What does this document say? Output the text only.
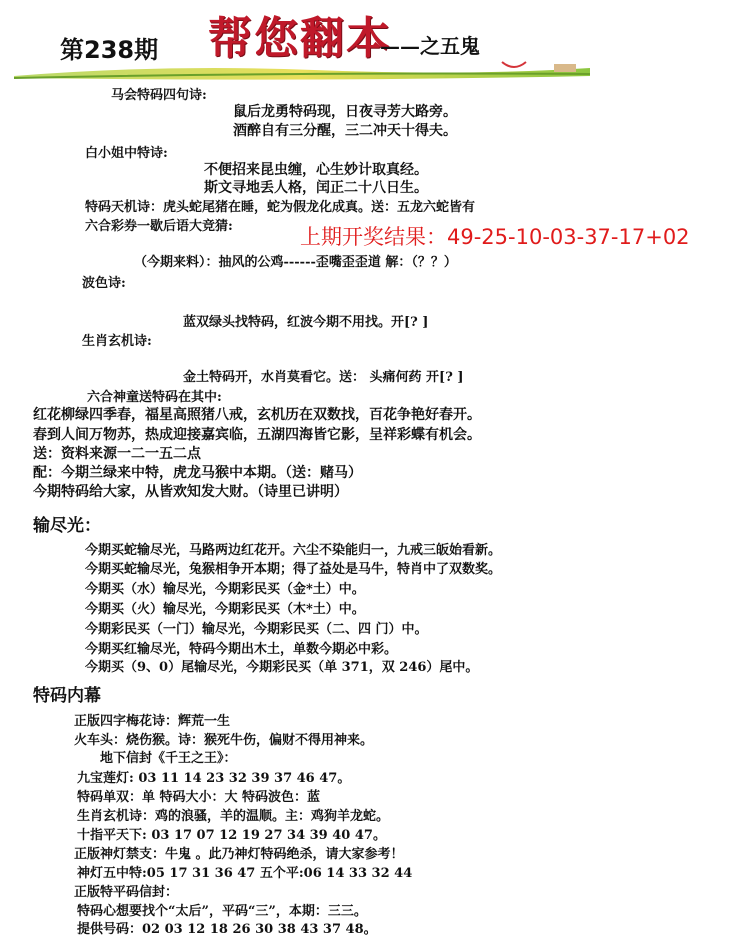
第238期 帮您翻本
——之五鬼
马会特码四句诗:
鼠后龙勇特码现，日夜寻芳大路旁。
酒醉自有三分醒，三二冲天十得夫。
白小姐中特诗:
不便招来昆虫缠，心生妙计取真经。
斯文寻地丢人格，闰正二十八日生。
特码天机诗：虎头蛇尾猪在睡，蛇为假龙化成真。送：五龙六蛇皆有
六合彩券一歇后语大竞猜:	上期开奖结果：49-25-10-03-37-17+02
（今期来料）：抽风的公鸡------歪嘴歪歪道 解：（？？）
波色诗:
蓝双绿头找特码，红波今期不用找。开[? ]
生肖玄机诗:
金土特码开，水肖莫看它。送： 头痛何药 开[? ]
六合神童送特码在其中:
红花柳绿四季春，福星高照猪八戒，玄机历在双数找，百花争艳好春开。
春到人间万物苏，热成迎接嘉宾临，五湖四海皆它影，呈祥彩蝶有机会。
送：资料来源一二一五二点
配：今期兰绿来中特，虎龙马猴中本期。（送：赌马）
今期特码给大家，从皆欢知发大财。（诗里已讲明）
输尽光：
今期买蛇输尽光，马路两边红花开。六尘不染能归一，九戒三皈始看新。
今期买蛇输尽光，兔猴相争开本期；得了益处是马牛，特肖中了双数奖。
今期买（水）输尽光，今期彩民买（金*土）中。
今期买（火）输尽光，今期彩民买（木*土）中。
今期彩民买（一门）输尽光，今期彩民买（二、四 门）中。
今期买红输尽光，特码今期出木土，单数今期必中彩。
今期买（9、0）尾输尽光，今期彩民买（单 371，双 246）尾中。
特码内幕
正版四字梅花诗：辉荒一生
火车头：烧伤猴。诗：猴死牛伤，偏财不得用神来。
地下信封《千王之王》：
九宝莲灯: 03 11 14 23 32 39 37 46 47。
特码单双：单 特码大小：大 特码波色：蓝
生肖玄机诗：鸡的浪骚，羊的温顺。主：鸡狗羊龙蛇。
十指平天下: 03 17 07 12 19 27 34 39 40 47。
正版神灯禁支：牛鬼 。此乃神灯特码绝杀，请大家参考！
神灯五中特:05 17 31 36 47 五个平:06 14 33 32 44
正版特平码信封：
特码心想要找个“太后”，平码“三”，本期：三三。
提供号码：02 03 12 18 26 30 38 43 37 48。
